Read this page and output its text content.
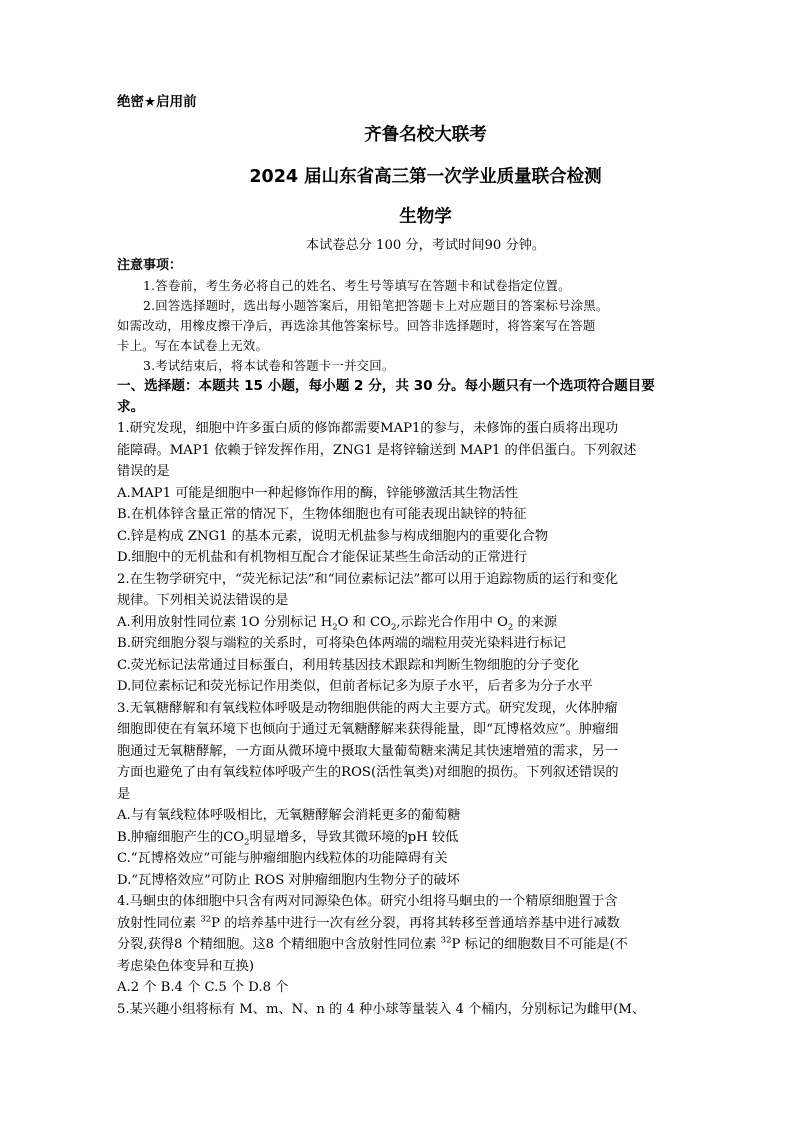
绝密★启用前
齐鲁名校大联考
2024 届山东省高三第一次学业质量联合检测
生物学
本试卷总分 100 分，考试时间90 分钟。
注意事项：
1.答卷前，考生务必将自己的姓名、考生号等填写在答题卡和试卷指定位置。
2.回答选择题时，选出每小题答案后，用铅笔把答题卡上对应题目的答案标号涂黑。
如需改动，用橡皮擦干净后，再选涂其他答案标号。回答非选择题时，将答案写在答题
卡上。写在本试卷上无效。
3.考试结束后，将本试卷和答题卡一并交回。
一、选择题：本题共 15 小题，每小题 2 分，共 30 分。每小题只有一个选项符合题目要
求。
1.研究发现，细胞中许多蛋白质的修饰都需要MAP1的参与，未修饰的蛋白质将出现功
能障碍。MAP1 依赖于锌发挥作用，ZNG1 是将锌输送到 MAP1 的伴侣蛋白。下列叙述
错误的是
A.MAP1 可能是细胞中一种起修饰作用的酶，锌能够激活其生物活性
B.在机体锌含量正常的情况下，生物体细胞也有可能表现出缺锌的特征
C.锌是构成 ZNG1 的基本元素，说明无机盐参与构成细胞内的重要化合物
D.细胞中的无机盐和有机物相互配合才能保证某些生命活动的正常进行
2.在生物学研究中，“荧光标记法”和“同位素标记法”都可以用于追踪物质的运行和变化
规律。下列相关说法错误的是
A.利用放射性同位素 1O 分别标记 $H_2O$ 和 $CO_2$,示踪光合作用中 $O_2$ 的来源
B.研究细胞分裂与端粒的关系时，可将染色体两端的端粒用荧光染料进行标记
C.荧光标记法常通过目标蛋白，利用转基因技术跟踪和判断生物细胞的分子变化
D.同位素标记和荧光标记作用类似，但前者标记多为原子水平，后者多为分子水平
3.无氧糖酵解和有氧线粒体呼吸是动物细胞供能的两大主要方式。研究发现，火体肿瘤
细胞即使在有氧环境下也倾向于通过无氧糖酵解来获得能量，即“瓦博格效应”。肿瘤细
胞通过无氧糖酵解，一方面从微环境中摄取大量葡萄糖来满足其快速增殖的需求，另一
方面也避免了由有氧线粒体呼吸产生的ROS(活性氧类)对细胞的损伤。下列叙述错误的
是
A.与有氧线粒体呼吸相比，无氧糖酵解会消耗更多的葡萄糖
B.肿瘤细胞产生的$CO_2$明显增多，导致其微环境的pH 较低
C.“瓦博格效应”可能与肿瘤细胞内线粒体的功能障碍有关
D.“瓦博格效应”可防止 ROS 对肿瘤细胞内生物分子的破坏
4.马蛔虫的体细胞中只含有两对同源染色体。研究小组将马蛔虫的一个精原细胞置于含
放射性同位素 $^{32}$P 的培养基中进行一次有丝分裂，再将其转移至普通培养基中进行减数
分裂,获得8 个精细胞。这8 个精细胞中含放射性同位素 $^{32}$P 标记的细胞数目不可能是(不
考虑染色体变异和互换)
A.2 个 B.4 个 C.5 个 D.8 个
5.某兴趣小组将标有 M、m、N、n 的 4 种小球等量装入 4 个桶内，分别标记为雌甲(M、
